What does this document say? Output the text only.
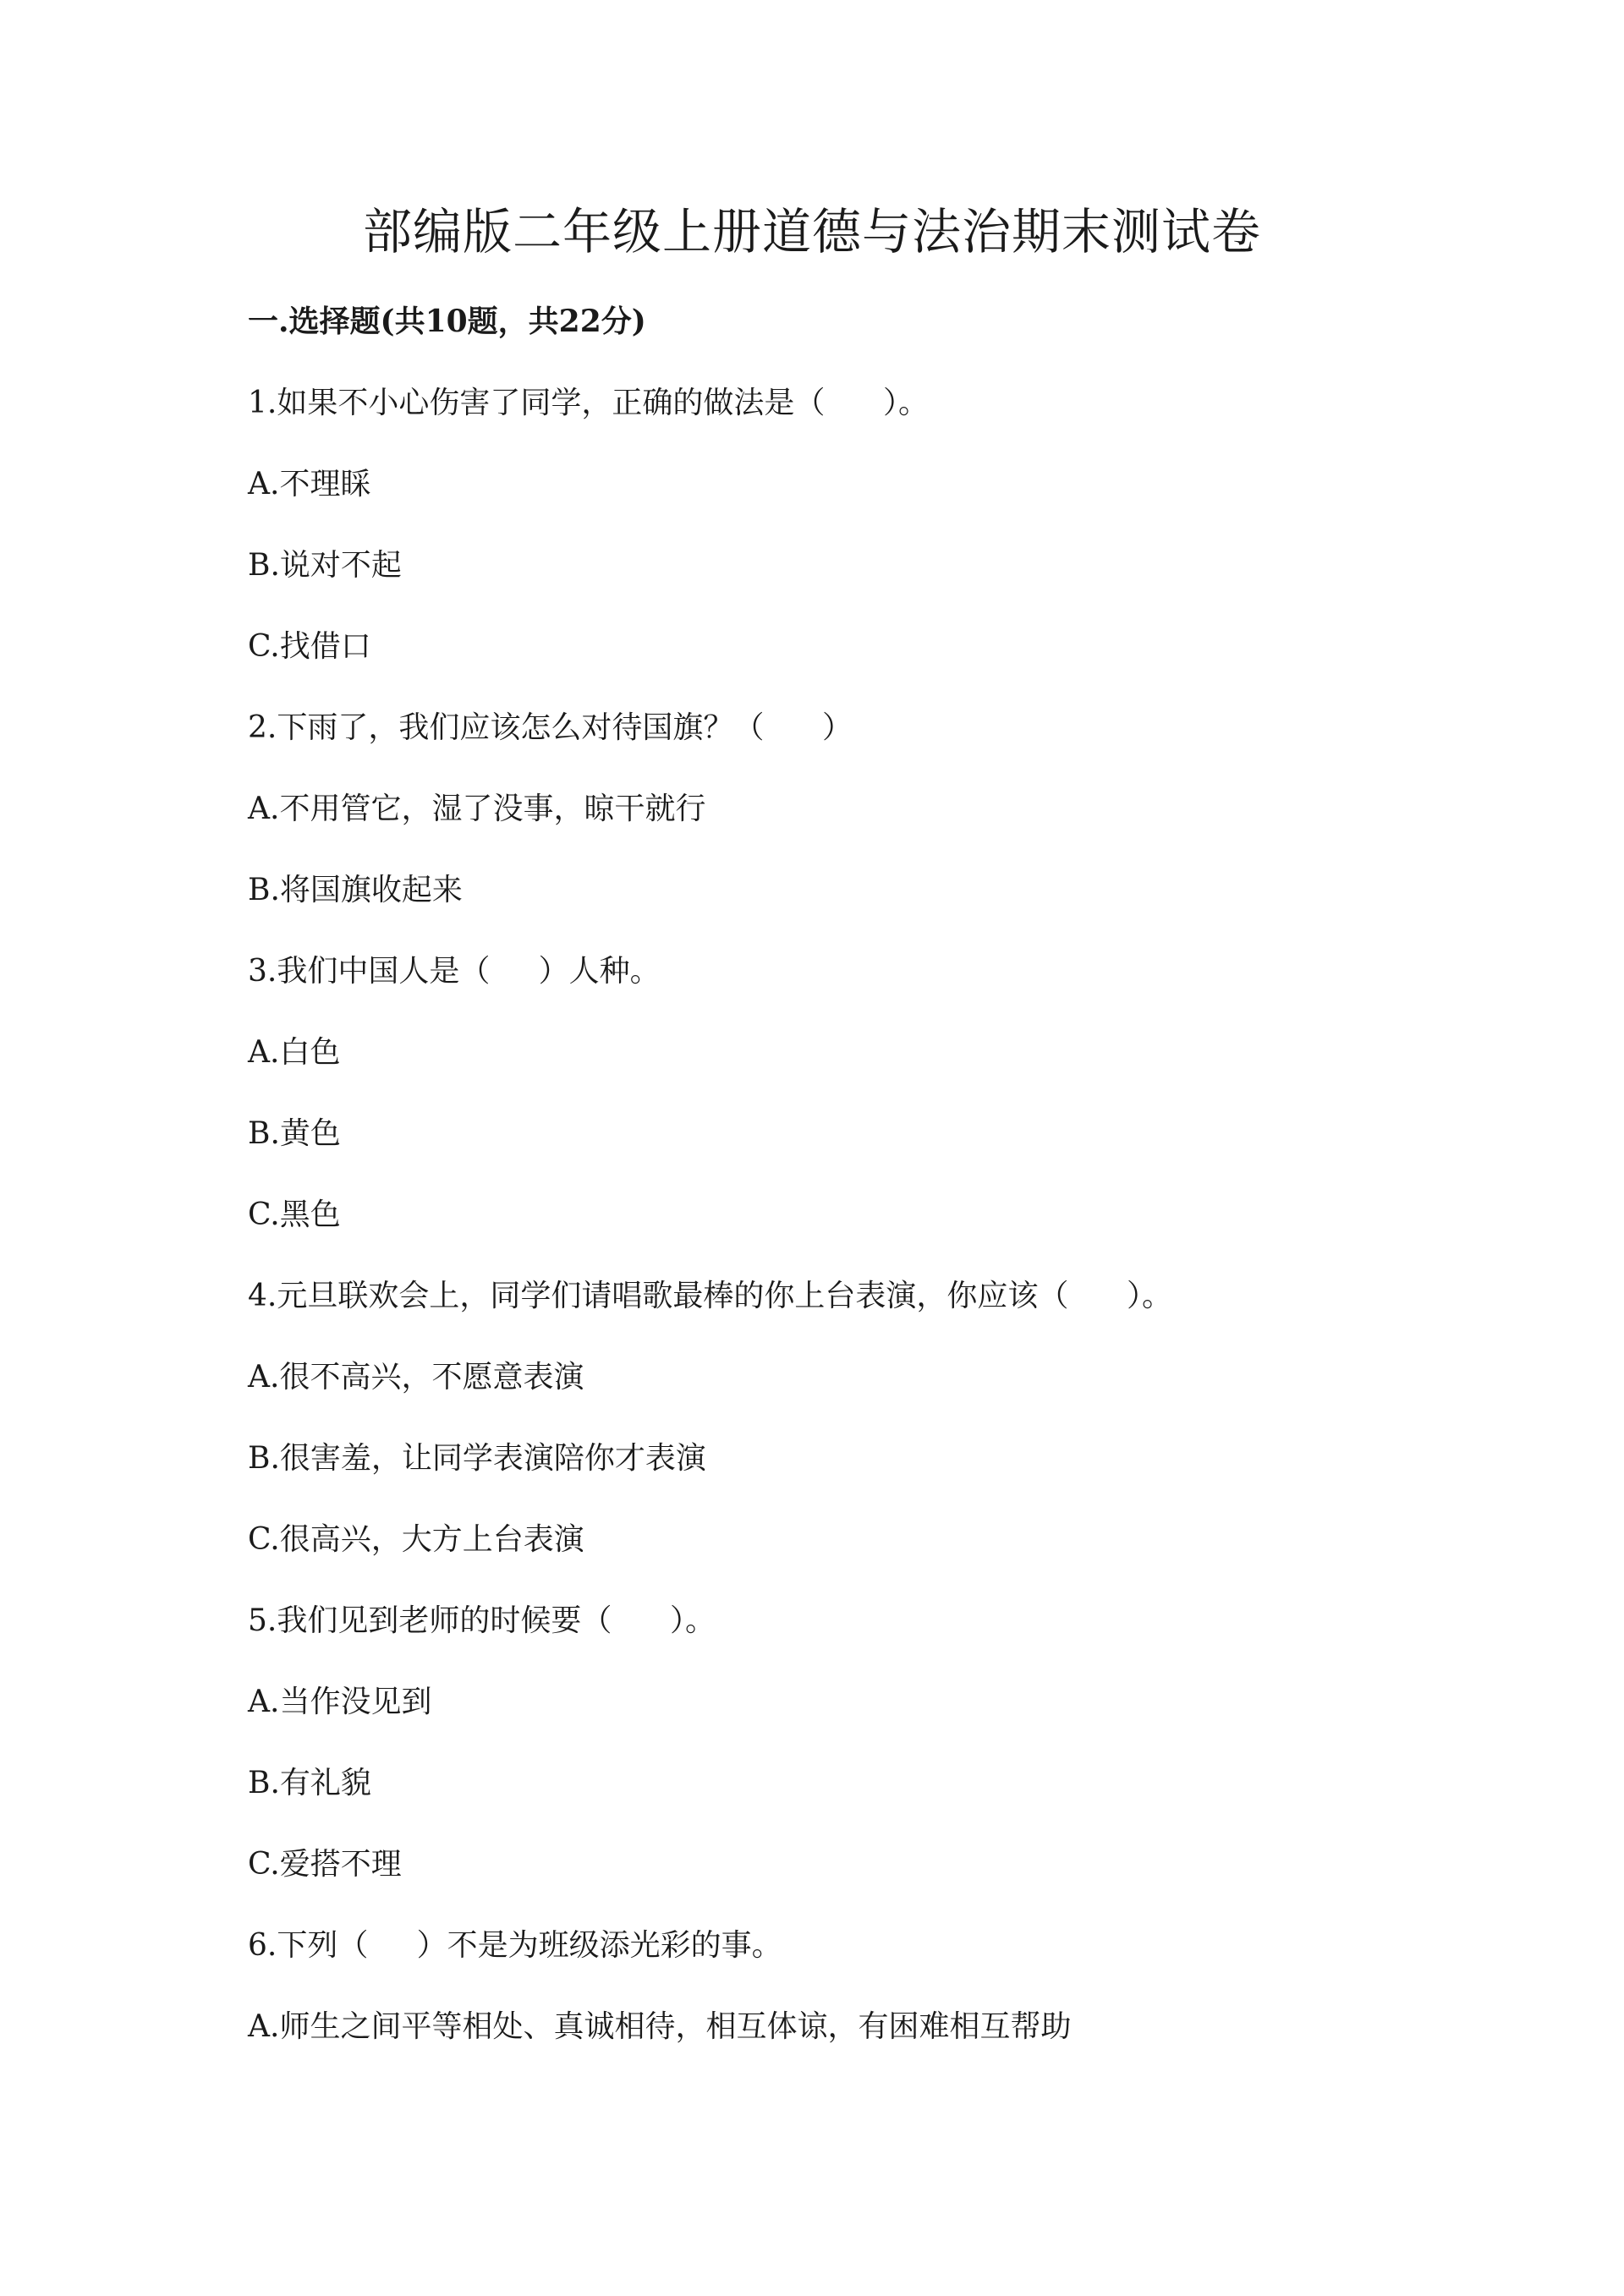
部编版二年级上册道德与法治期末测试卷
一.选择题(共10题，共22分)

1.如果不小心伤害了同学，正确的做法是（      ）。

A.不理睬

B.说对不起

C.找借口

2.下雨了，我们应该怎么对待国旗？（      ）

A.不用管它，湿了没事，晾干就行

B.将国旗收起来

3.我们中国人是（     ）人种。

A.白色

B.黄色

C.黑色

4.元旦联欢会上，同学们请唱歌最棒的你上台表演，你应该（      ）。

A.很不高兴，不愿意表演

B.很害羞，让同学表演陪你才表演

C.很高兴，大方上台表演

5.我们见到老师的时候要（      ）。

A.当作没见到

B.有礼貌

C.爱搭不理

6.下列（     ）不是为班级添光彩的事。

A.师生之间平等相处、真诚相待，相互体谅，有困难相互帮助
